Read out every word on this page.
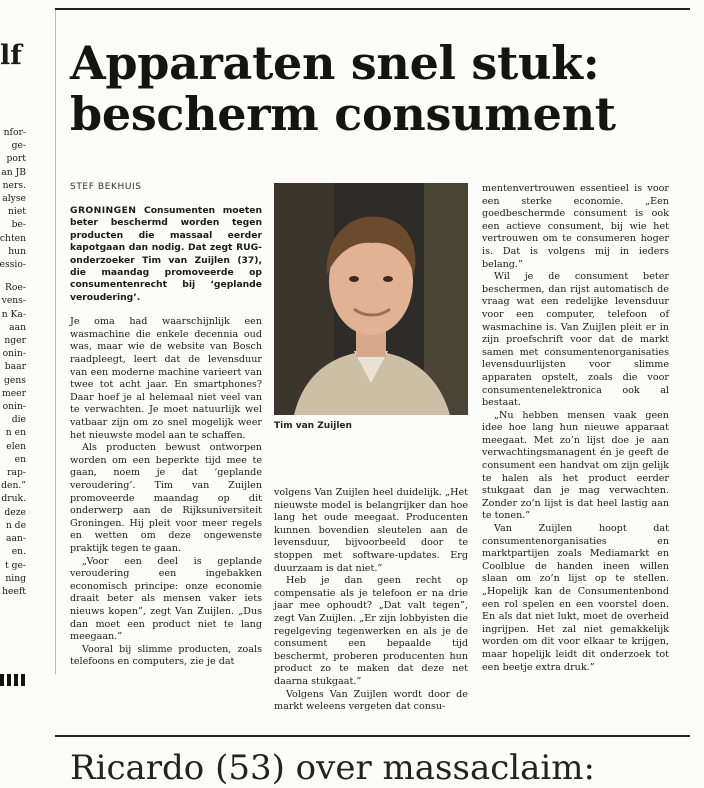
lf
nfor-
ge-
port
an JB
ners.
alyse
niet
be-
chten
hun
essio-
Roe-
vens-
n Ka-
aan
nger
onin-
baar
gens
meer
onin-
die
n en
elen
en
rap-
den.”
druk.
deze
n de
aan-
en.
t ge-
ning
heeft
Apparaten snel stuk: bescherm consument
STEF BEKHUIS

GRONINGEN Consumenten moeten beter beschermd worden tegen producten die massaal eerder kapotgaan dan nodig. Dat zegt RUG-onderzoeker Tim van Zuijlen (37), die maandag promoveerde op consumentenrecht bij ‘geplande veroudering’.

Je oma had waarschijnlijk een wasmachine die enkele decennia oud was, maar wie de website van Bosch raadpleegt, leert dat de levensduur van een moderne machine varieert van twee tot acht jaar. En smartphones? Daar hoef je al helemaal niet veel van te verwachten. Je moet natuurlijk wel vatbaar zijn om zo snel mogelijk weer het nieuwste model aan te schaffen.

Als producten bewust ontworpen worden om een beperkte tijd mee te gaan, noem je dat ‘geplande veroudering’. Tim van Zuijlen promoveerde maandag op dit onderwerp aan de Rijksuniversiteit Groningen. Hij pleit voor meer regels en wetten om deze ongewenste praktijk tegen te gaan.

„Voor een deel is geplande veroudering een ingebakken economisch principe: onze economie draait beter als mensen vaker iets nieuws kopen”, zegt Van Zuijlen. „Dus dan moet een product niet te lang meegaan.”

Vooral bij slimme producten, zoals telefoons en computers, zie je dat

Tim van Zuijlen

volgens Van Zuijlen heel duidelijk. „Het nieuwste model is belangrijker dan hoe lang het oude meegaat. Producenten kunnen bovendien sleutelen aan de levensduur, bijvoorbeeld door te stoppen met software-updates. Erg duurzaam is dat niet.”

Heb je dan geen recht op compensatie als je telefoon er na drie jaar mee ophoudt? „Dat valt tegen”, zegt Van Zuijlen. „Er zijn lobbyisten die regelgeving tegenwerken en als je de consument een bepaalde tijd beschermt, proberen producenten hun product zo te maken dat deze net daarna stukgaat.”

Volgens Van Zuijlen wordt door de markt weleens vergeten dat consu-

mentenvertrouwen essentieel is voor een sterke economie. „Een goedbeschermde consument is ook een actieve consument, bij wie het vertrouwen om te consumeren hoger is. Dat is volgens mij in ieders belang.”

Wil je de consument beter beschermen, dan rijst automatisch de vraag wat een redelijke levensduur voor een computer, telefoon of wasmachine is. Van Zuijlen pleit er in zijn proefschrift voor dat de markt samen met consumentenorganisaties levensduurlijsten voor slimme apparaten opstelt, zoals die voor consumentenelektronica ook al bestaat.

„Nu hebben mensen vaak geen idee hoe lang hun nieuwe apparaat meegaat. Met zo’n lijst doe je aan verwachtingsmanagent én je geeft de consument een handvat om zijn gelijk te halen als het product eerder stukgaat dan je mag verwachten. Zonder zo’n lijst is dat heel lastig aan te tonen.”

Van Zuijlen hoopt dat consumentenorganisaties en marktpartijen zoals Mediamarkt en Coolblue de handen ineen willen slaan om zo’n lijst op te stellen. „Hopelijk kan de Consumentenbond een rol spelen en een voorstel doen. En als dat niet lukt, moet de overheid ingrijpen. Het zal niet gemakkelijk worden om dit voor elkaar te krijgen, maar hopelijk leidt dit onderzoek tot een beetje extra druk.”

Ricardo (53) over massaclaim:
